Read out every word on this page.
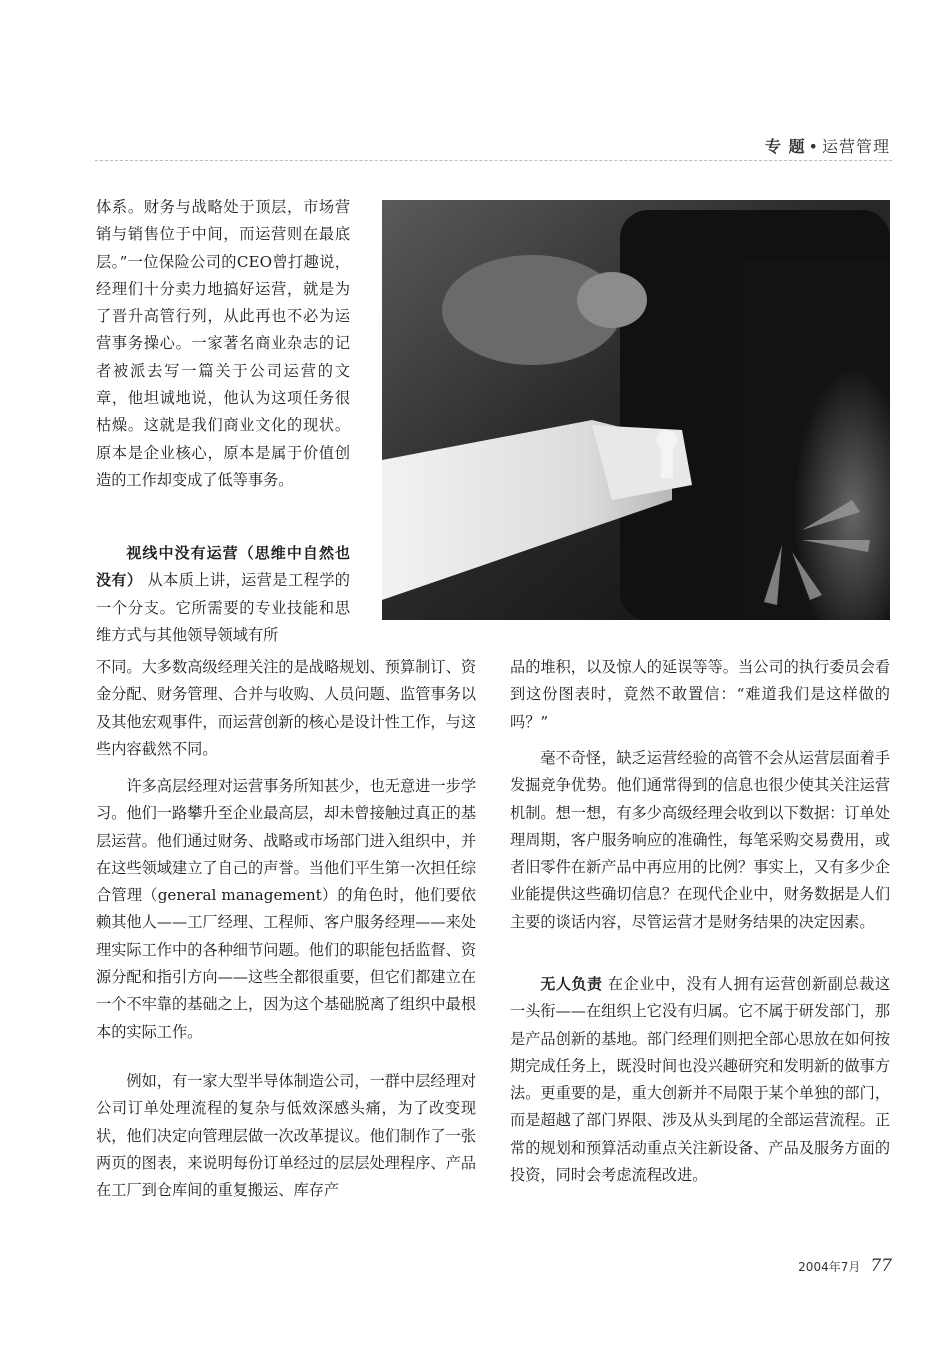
专 题 • 运营管理

体系。财务与战略处于顶层，市场营销与销售位于中间，而运营则在最底层。”一位保险公司的CEO曾打趣说，经理们十分卖力地搞好运营，就是为了晋升高管行列，从此再也不必为运营事务操心。一家著名商业杂志的记者被派去写一篇关于公司运营的文章，他坦诚地说，他认为这项任务很枯燥。这就是我们商业文化的现状。原本是企业核心，原本是属于价值创造的工作却变成了低等事务。

视线中没有运营（思维中自然也没有） 从本质上讲，运营是工程学的一个分支。它所需要的专业技能和思维方式与其他领导领域有所

不同。大多数高级经理关注的是战略规划、预算制订、资金分配、财务管理、合并与收购、人员问题、监管事务以及其他宏观事件，而运营创新的核心是设计性工作，与这些内容截然不同。

许多高层经理对运营事务所知甚少，也无意进一步学习。他们一路攀升至企业最高层，却未曾接触过真正的基层运营。他们通过财务、战略或市场部门进入组织中，并在这些领域建立了自己的声誉。当他们平生第一次担任综合管理（general management）的角色时，他们要依赖其他人——工厂经理、工程师、客户服务经理——来处理实际工作中的各种细节问题。他们的职能包括监督、资源分配和指引方向——这些全都很重要，但它们都建立在一个不牢靠的基础之上，因为这个基础脱离了组织中最根本的实际工作。

例如，有一家大型半导体制造公司，一群中层经理对公司订单处理流程的复杂与低效深感头痛，为了改变现状，他们决定向管理层做一次改革提议。他们制作了一张两页的图表，来说明每份订单经过的层层处理程序、产品在工厂到仓库间的重复搬运、库存产

品的堆积，以及惊人的延误等等。当公司的执行委员会看到这份图表时，竟然不敢置信：“难道我们是这样做的吗？”

毫不奇怪，缺乏运营经验的高管不会从运营层面着手发掘竞争优势。他们通常得到的信息也很少使其关注运营机制。想一想，有多少高级经理会收到以下数据：订单处理周期，客户服务响应的准确性，每笔采购交易费用，或者旧零件在新产品中再应用的比例？事实上，又有多少企业能提供这些确切信息？在现代企业中，财务数据是人们主要的谈话内容，尽管运营才是财务结果的决定因素。

无人负责 在企业中，没有人拥有运营创新副总裁这一头衔——在组织上它没有归属。它不属于研发部门，那是产品创新的基地。部门经理们则把全部心思放在如何按期完成任务上，既没时间也没兴趣研究和发明新的做事方法。更重要的是，重大创新并不局限于某个单独的部门，而是超越了部门界限、涉及从头到尾的全部运营流程。正常的规划和预算活动重点关注新设备、产品及服务方面的投资，同时会考虑流程改进。

2004年7月 77
